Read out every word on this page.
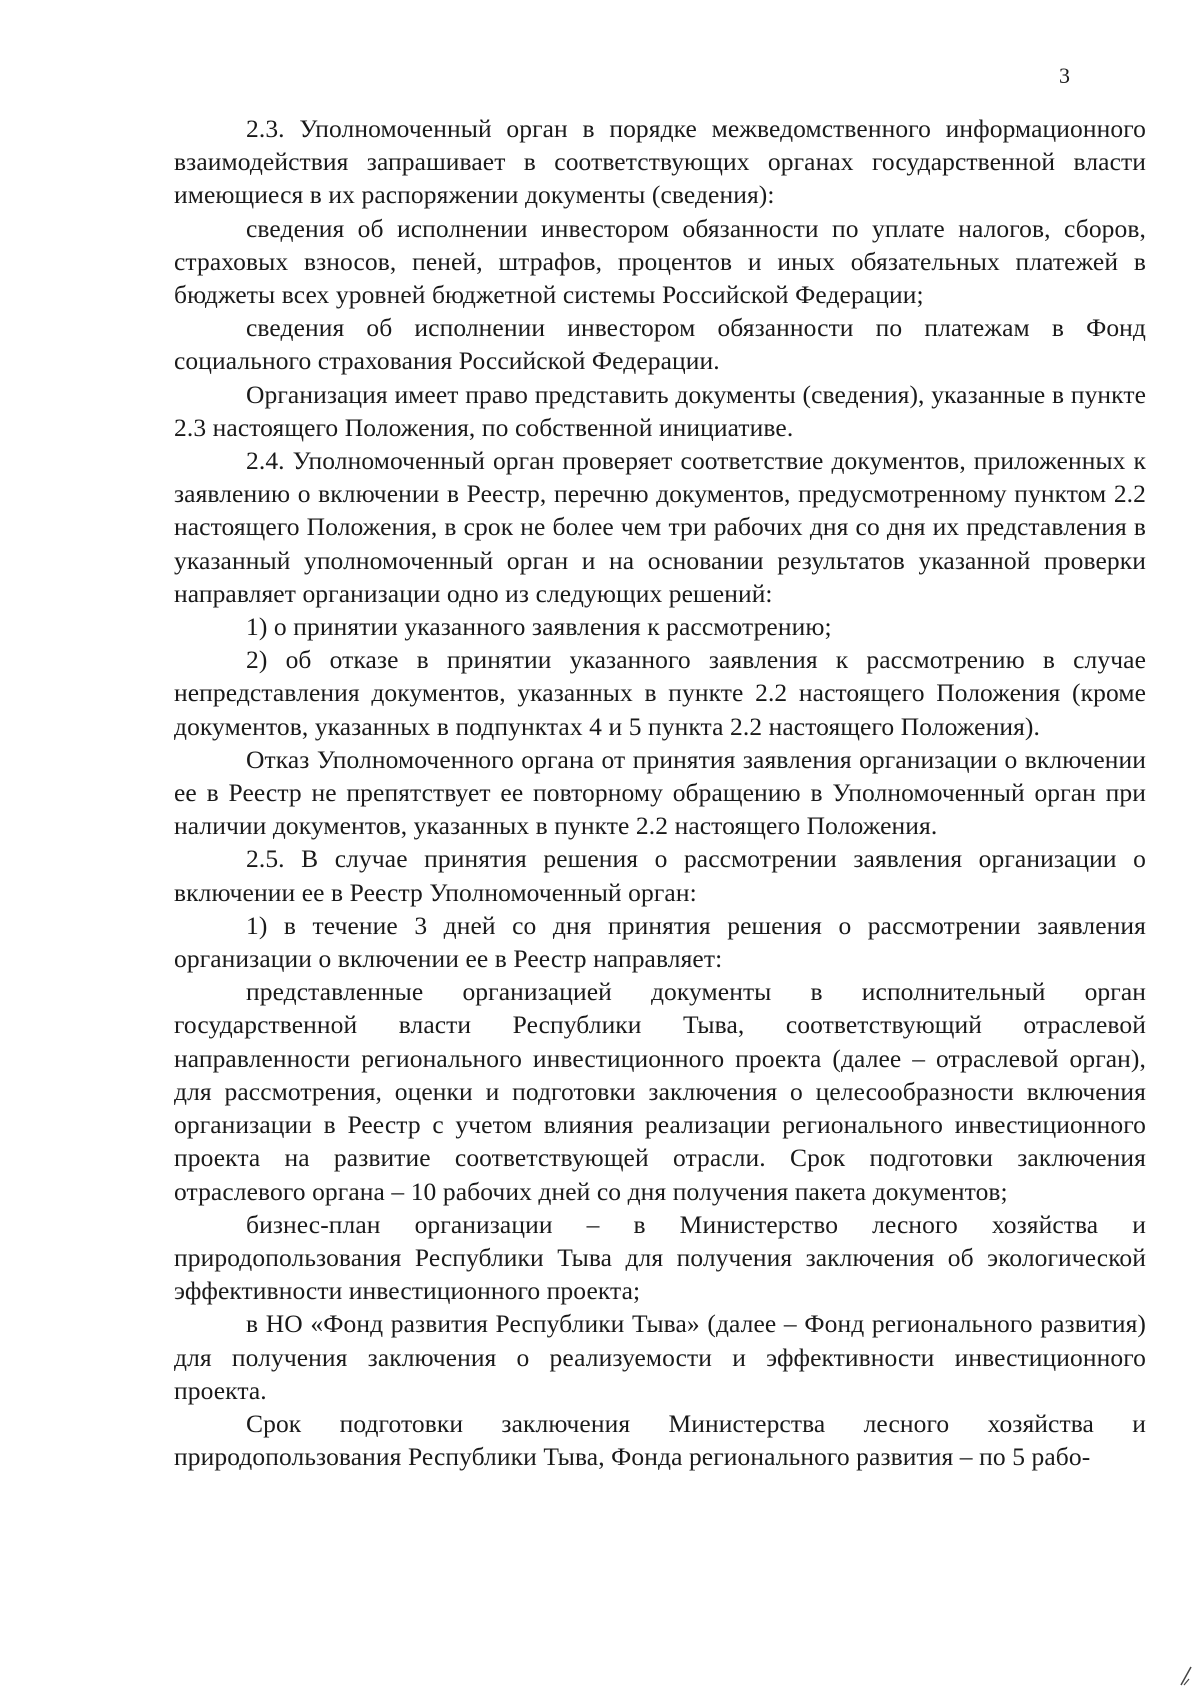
3

2.3. Уполномоченный орган в порядке межведомственного информационного взаимодействия запрашивает в соответствующих органах государственной власти имеющиеся в их распоряжении документы (сведения):

сведения об исполнении инвестором обязанности по уплате налогов, сборов, страховых взносов, пеней, штрафов, процентов и иных обязательных платежей в бюджеты всех уровней бюджетной системы Российской Федерации;

сведения об исполнении инвестором обязанности по платежам в Фонд социального страхования Российской Федерации.

Организация имеет право представить документы (сведения), указанные в пункте 2.3 настоящего Положения, по собственной инициативе.

2.4. Уполномоченный орган проверяет соответствие документов, приложенных к заявлению о включении в Реестр, перечню документов, предусмотренному пунктом 2.2 настоящего Положения, в срок не более чем три рабочих дня со дня их представления в указанный уполномоченный орган и на основании результатов указанной проверки направляет организации одно из следующих решений:

1) о принятии указанного заявления к рассмотрению;

2) об отказе в принятии указанного заявления к рассмотрению в случае непредставления документов, указанных в пункте 2.2 настоящего Положения (кроме документов, указанных в подпунктах 4 и 5 пункта 2.2 настоящего Положения).

Отказ Уполномоченного органа от принятия заявления организации о включении ее в Реестр не препятствует ее повторному обращению в Уполномоченный орган при наличии документов, указанных в пункте 2.2 настоящего Положения.

2.5. В случае принятия решения о рассмотрении заявления организации о включении ее в Реестр Уполномоченный орган:

1) в течение 3 дней со дня принятия решения о рассмотрении заявления организации о включении ее в Реестр направляет:

представленные организацией документы в исполнительный орган государственной власти Республики Тыва, соответствующий отраслевой направленности регионального инвестиционного проекта (далее – отраслевой орган), для рассмотрения, оценки и подготовки заключения о целесообразности включения организации в Реестр с учетом влияния реализации регионального инвестиционного проекта на развитие соответствующей отрасли. Срок подготовки заключения отраслевого органа – 10 рабочих дней со дня получения пакета документов;

бизнес-план организации – в Министерство лесного хозяйства и природопользования Республики Тыва для получения заключения об экологической эффективности инвестиционного проекта;

в НО «Фонд развития Республики Тыва» (далее – Фонд регионального развития) для получения заключения о реализуемости и эффективности инвестиционного проекта.

Срок подготовки заключения Министерства лесного хозяйства и природопользования Республики Тыва, Фонда регионального развития – по 5 рабо-
